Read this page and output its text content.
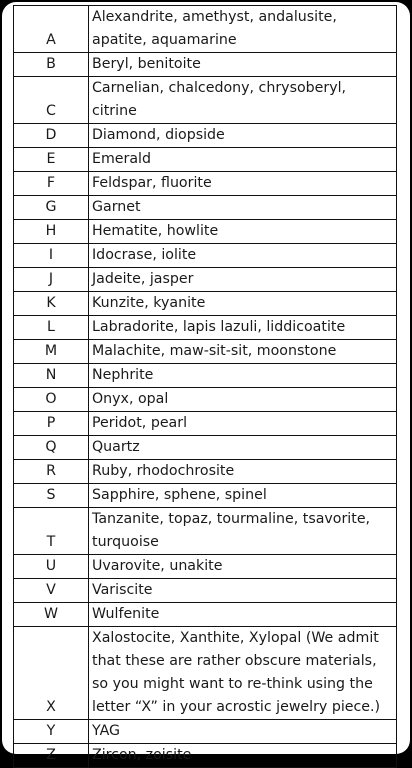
A	Alexandrite, amethyst, andalusite, apatite, aquamarine
B	Beryl, benitoite
C	Carnelian, chalcedony, chrysoberyl, citrine
D	Diamond, diopside
E	Emerald
F	Feldspar, fluorite
G	Garnet
H	Hematite, howlite
I	Idocrase, iolite
J	Jadeite, jasper
K	Kunzite, kyanite
L	Labradorite, lapis lazuli, liddicoatite
M	Malachite, maw-sit-sit, moonstone
N	Nephrite
O	Onyx, opal
P	Peridot, pearl
Q	Quartz
R	Ruby, rhodochrosite
S	Sapphire, sphene, spinel
T	Tanzanite, topaz, tourmaline, tsavorite, turquoise
U	Uvarovite, unakite
V	Variscite
W	Wulfenite
X	Xalostocite, Xanthite, Xylopal (We admit that these are rather obscure materials, so you might want to re-think using the letter “X” in your acrostic jewelry piece.)
Y	YAG
Z	Zircon, zoisite
